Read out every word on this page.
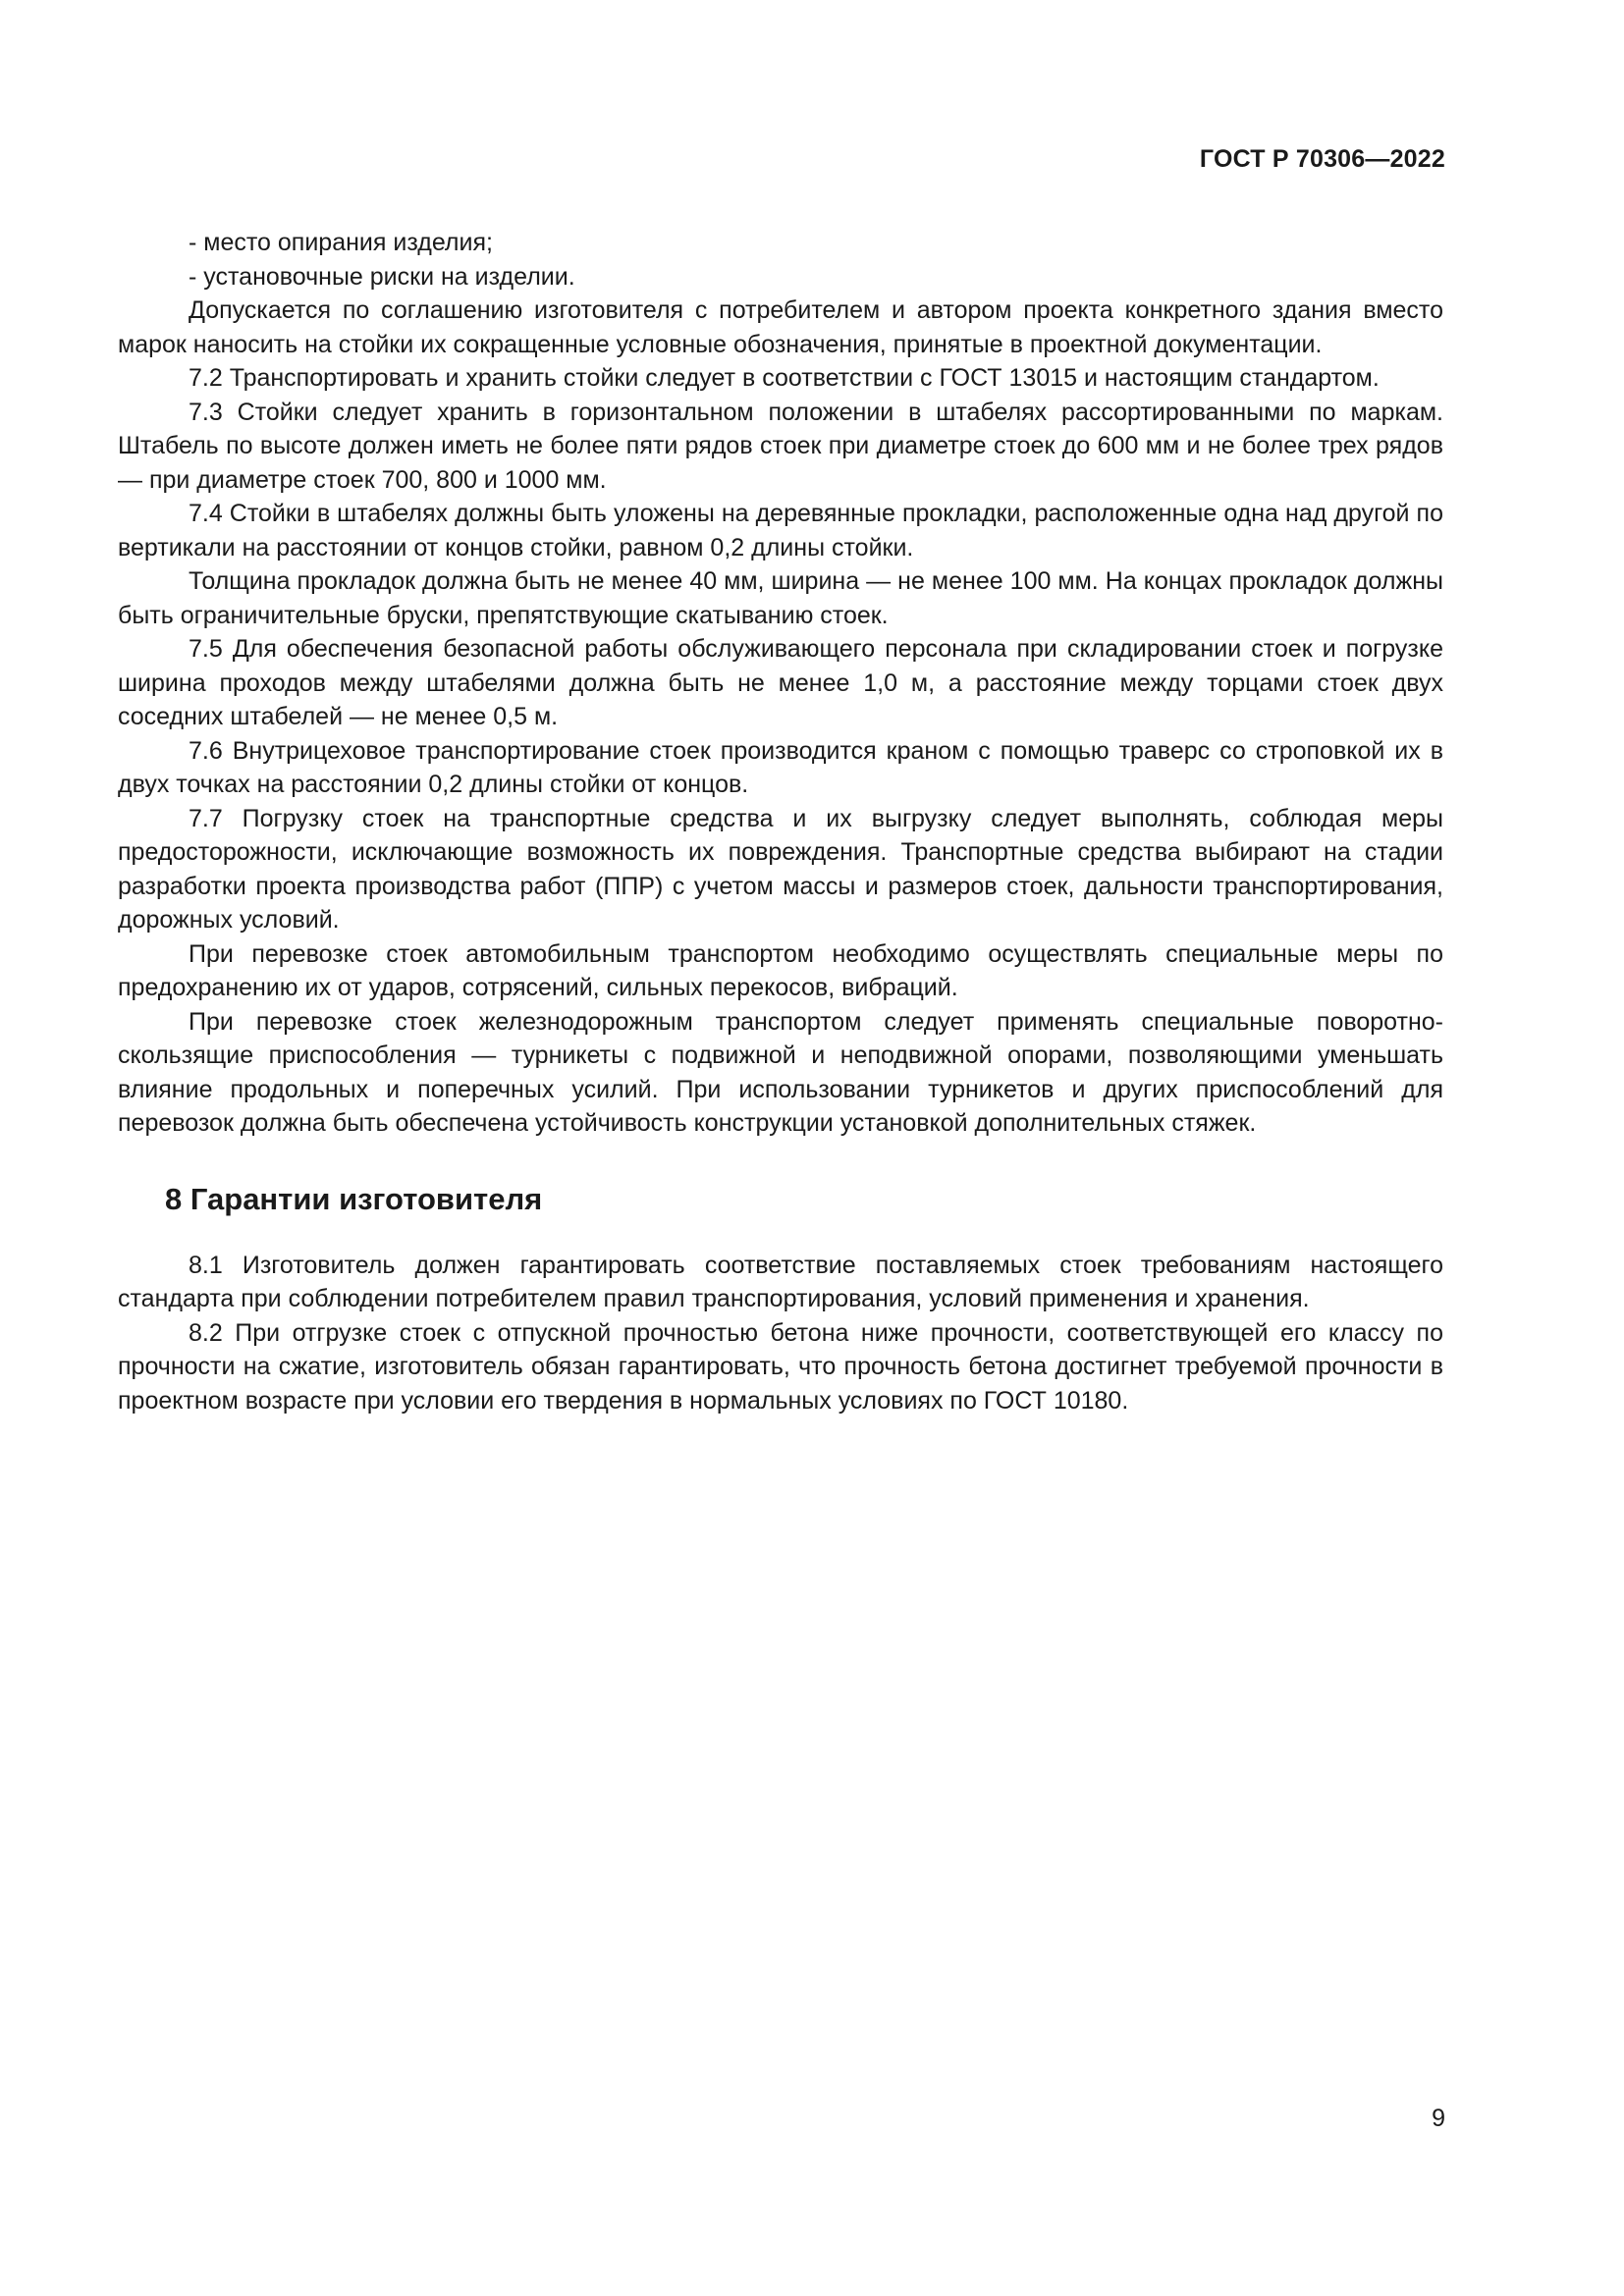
ГОСТ Р 70306—2022

- место опирания изделия;

- установочные риски на изделии.

Допускается по соглашению изготовителя с потребителем и автором проекта конкретного здания вместо марок наносить на стойки их сокращенные условные обозначения, принятые в проектной документации.

7.2 Транспортировать и хранить стойки следует в соответствии с ГОСТ 13015 и настоящим стандартом.

7.3 Стойки следует хранить в горизонтальном положении в штабелях рассортированными по маркам. Штабель по высоте должен иметь не более пяти рядов стоек при диаметре стоек до 600 мм и не более трех рядов — при диаметре стоек 700, 800 и 1000 мм.

7.4 Стойки в штабелях должны быть уложены на деревянные прокладки, расположенные одна над другой по вертикали на расстоянии от концов стойки, равном 0,2 длины стойки.

Толщина прокладок должна быть не менее 40 мм, ширина — не менее 100 мм. На концах прокладок должны быть ограничительные бруски, препятствующие скатыванию стоек.

7.5 Для обеспечения безопасной работы обслуживающего персонала при складировании стоек и погрузке ширина проходов между штабелями должна быть не менее 1,0 м, а расстояние между торцами стоек двух соседних штабелей — не менее 0,5 м.

7.6 Внутрицеховое транспортирование стоек производится краном с помощью траверс со строповкой их в двух точках на расстоянии 0,2 длины стойки от концов.

7.7 Погрузку стоек на транспортные средства и их выгрузку следует выполнять, соблюдая меры предосторожности, исключающие возможность их повреждения. Транспортные средства выбирают на стадии разработки проекта производства работ (ППР) с учетом массы и размеров стоек, дальности транспортирования, дорожных условий.

При перевозке стоек автомобильным транспортом необходимо осуществлять специальные меры по предохранению их от ударов, сотрясений, сильных перекосов, вибраций.

При перевозке стоек железнодорожным транспортом следует применять специальные поворотно-скользящие приспособления — турникеты с подвижной и неподвижной опорами, позволяющими уменьшать влияние продольных и поперечных усилий. При использовании турникетов и других приспособлений для перевозок должна быть обеспечена устойчивость конструкции установкой дополнительных стяжек.

8 Гарантии изготовителя

8.1 Изготовитель должен гарантировать соответствие поставляемых стоек требованиям настоящего стандарта при соблюдении потребителем правил транспортирования, условий применения и хранения.

8.2 При отгрузке стоек с отпускной прочностью бетона ниже прочности, соответствующей его классу по прочности на сжатие, изготовитель обязан гарантировать, что прочность бетона достигнет требуемой прочности в проектном возрасте при условии его твердения в нормальных условиях по ГОСТ 10180.

9
